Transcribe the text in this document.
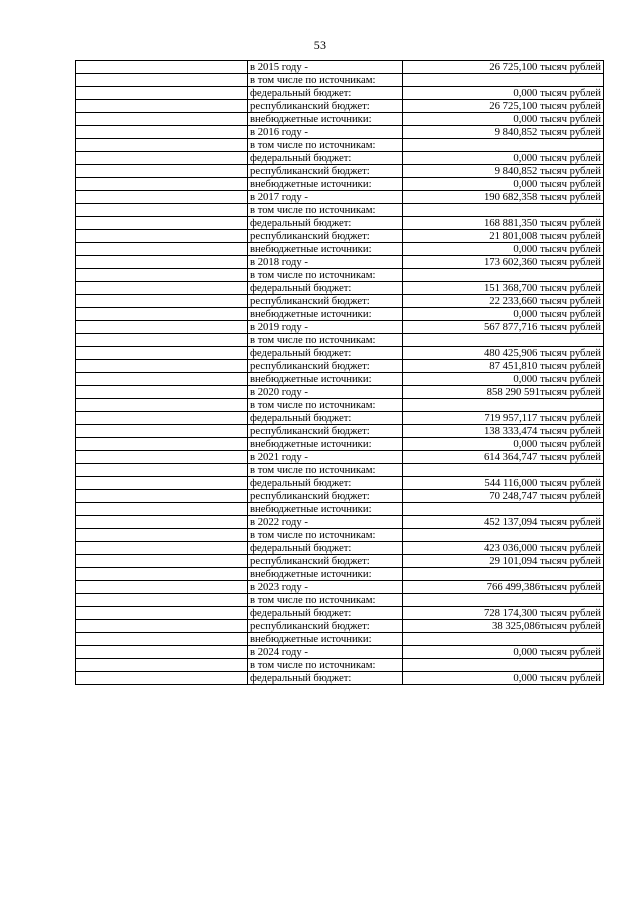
53
	в 2015 году -	26 725,100 тысяч рублей
	в том числе по источникам:	
	федеральный бюджет:	0,000 тысяч рублей
	республиканский бюджет:	26 725,100 тысяч рублей
	внебюджетные источники:	0,000 тысяч рублей
	в 2016 году -	9 840,852 тысяч рублей
	в том числе по источникам:	
	федеральный бюджет:	0,000 тысяч рублей
	республиканский бюджет:	9 840,852 тысяч рублей
	внебюджетные источники:	0,000 тысяч рублей
	в 2017 году -	190 682,358 тысяч рублей
	в том числе по источникам:	
	федеральный бюджет:	168 881,350 тысяч рублей
	республиканский бюджет:	21 801,008 тысяч рублей
	внебюджетные источники:	0,000 тысяч рублей
	в 2018 году -	173 602,360 тысяч рублей
	в том числе по источникам:	
	федеральный бюджет:	151 368,700 тысяч рублей
	республиканский бюджет:	22 233,660 тысяч рублей
	внебюджетные источники:	0,000 тысяч рублей
	в 2019 году -	567 877,716 тысяч рублей
	в том числе по источникам:	
	федеральный бюджет:	480 425,906 тысяч рублей
	республиканский бюджет:	87 451,810 тысяч рублей
	внебюджетные источники:	0,000 тысяч рублей
	в 2020 году -	858 290 591тысяч рублей
	в том числе по источникам:	
	федеральный бюджет:	719 957,117 тысяч рублей
	республиканский бюджет:	138 333,474 тысяч рублей
	внебюджетные источники:	0,000 тысяч рублей
	в 2021 году -	614 364,747 тысяч рублей
	в том числе по источникам:	
	федеральный бюджет:	544 116,000 тысяч рублей
	республиканский бюджет:	70 248,747 тысяч рублей
	внебюджетные источники:	
	в 2022 году -	452 137,094 тысяч рублей
	в том числе по источникам:	
	федеральный бюджет:	423 036,000 тысяч рублей
	республиканский бюджет:	29 101,094 тысяч рублей
	внебюджетные источники:	
	в 2023 году -	766 499,386тысяч рублей
	в том числе по источникам:	
	федеральный бюджет:	728 174,300 тысяч рублей
	республиканский бюджет:	38 325,086тысяч рублей
	внебюджетные источники:	
	в 2024 году -	0,000 тысяч рублей
	в том числе по источникам:	
	федеральный бюджет:	0,000 тысяч рублей
